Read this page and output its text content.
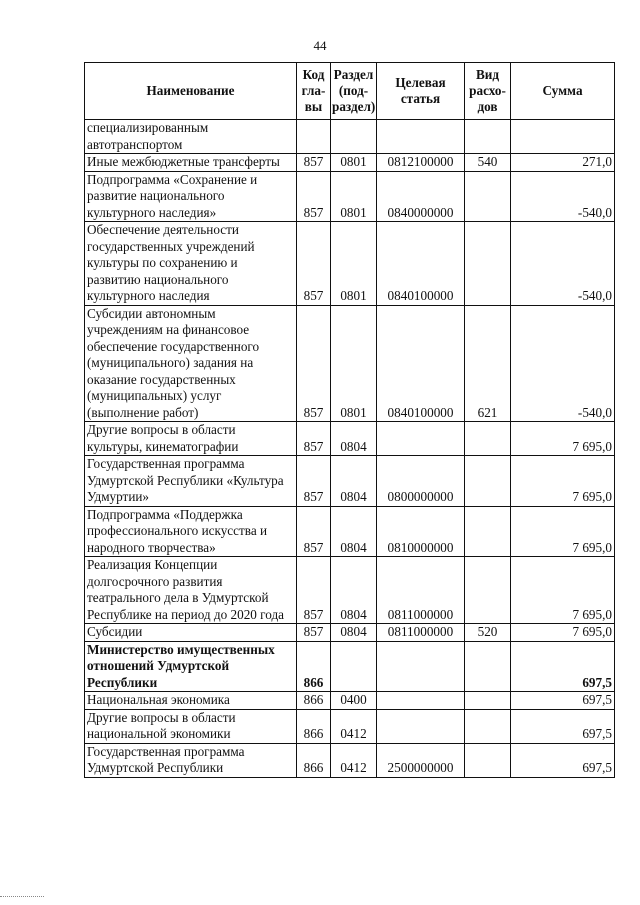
44
Наименование	Код гла-вы	Раздел (под-раздел)	Целевая статья	Вид расхо-дов	Сумма
специализированным автотранспортом					
Иные межбюджетные трансферты	857	0801	0812100000	540	271,0
Подпрограмма «Сохранение и развитие национального культурного наследия»	857	0801	0840000000		-540,0
Обеспечение деятельности государственных учреждений культуры по сохранению и развитию национального культурного наследия	857	0801	0840100000		-540,0
Субсидии автономным учреждениям на финансовое обеспечение государственного (муниципального) задания на оказание государственных (муниципальных) услуг (выполнение работ)	857	0801	0840100000	621	-540,0
Другие вопросы в области культуры, кинематографии	857	0804			7 695,0
Государственная программа Удмуртской Республики «Культура Удмуртии»	857	0804	0800000000		7 695,0
Подпрограмма «Поддержка профессионального искусства и народного творчества»	857	0804	0810000000		7 695,0
Реализация Концепции долгосрочного развития театрального дела в Удмуртской Республике на период до 2020 года	857	0804	0811000000		7 695,0
Субсидии	857	0804	0811000000	520	7 695,0
Министерство имущественных отношений Удмуртской Республики	866				697,5
Национальная экономика	866	0400			697,5
Другие вопросы в области национальной экономики	866	0412			697,5
Государственная программа Удмуртской Республики	866	0412	2500000000		697,5
